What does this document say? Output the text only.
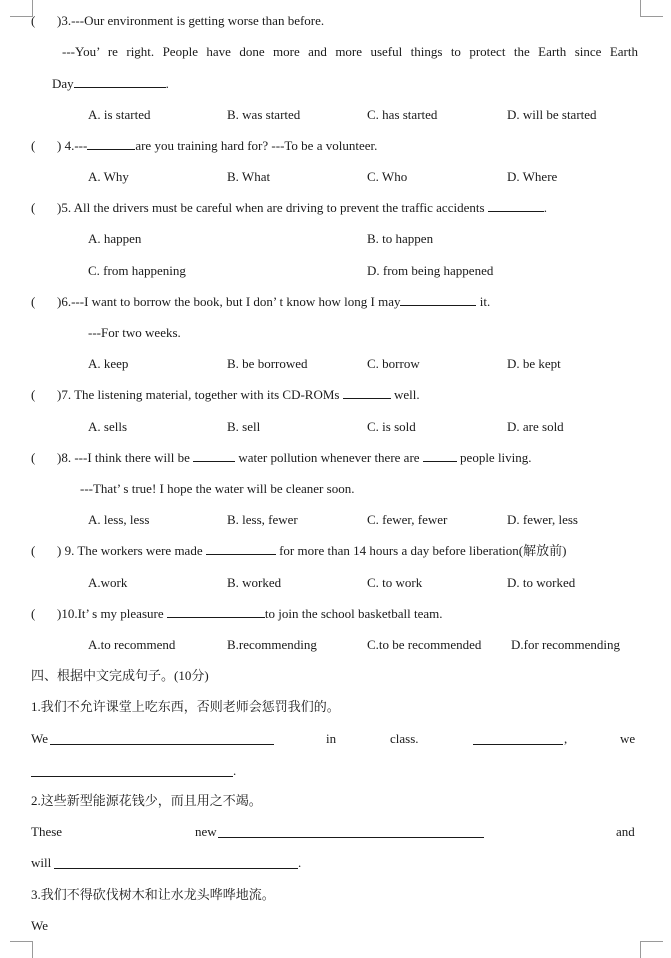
( )3.---Our environment is getting worse than before.
---You’ re right. People have done more and more useful things to protect the Earth since Earth
Day	.
A. is started	B. was started	C. has started	D. will be started
( ) 4.---	are you training hard for? ---To be a volunteer.
A. Why	B. What	C. Who	D. Where
( )5. All the drivers must be careful when are driving to prevent the traffic accidents	.
A. happen	B. to happen
C. from happening	D. from being happened
( )6.---I want to borrow the book, but I don’ t know how long I may	it.
---For two weeks.
A. keep	B. be borrowed	C. borrow	D. be kept
( )7. The listening material, together with its CD-ROMs	well.
A. sells	B. sell	C. is sold	D. are sold
( )8. ---I think there will be	water pollution whenever there are	people living.
---That’ s true! I hope the water will be cleaner soon.
A. less, less	B. less, fewer	C. fewer, fewer	D. fewer, less
( ) 9. The workers were made	for more than 14 hours a day before liberation(解放前)
A.work	B. worked	C. to work	D. to worked
( )10.It’ s my pleasure	to join the school basketball team.
A.to recommend	B.recommending	C.to be recommended D.for recommending
四、根据中文完成句子。(10分)
1.我们不允许课堂上吃东西，否则老师会惩罚我们的。
We	in	class.	,	we
.
2.这些新型能源花钱少，而且用之不竭。
These	new	and
will	.
3.我们不得砍伐树木和让水龙头哗哗地流。
We
